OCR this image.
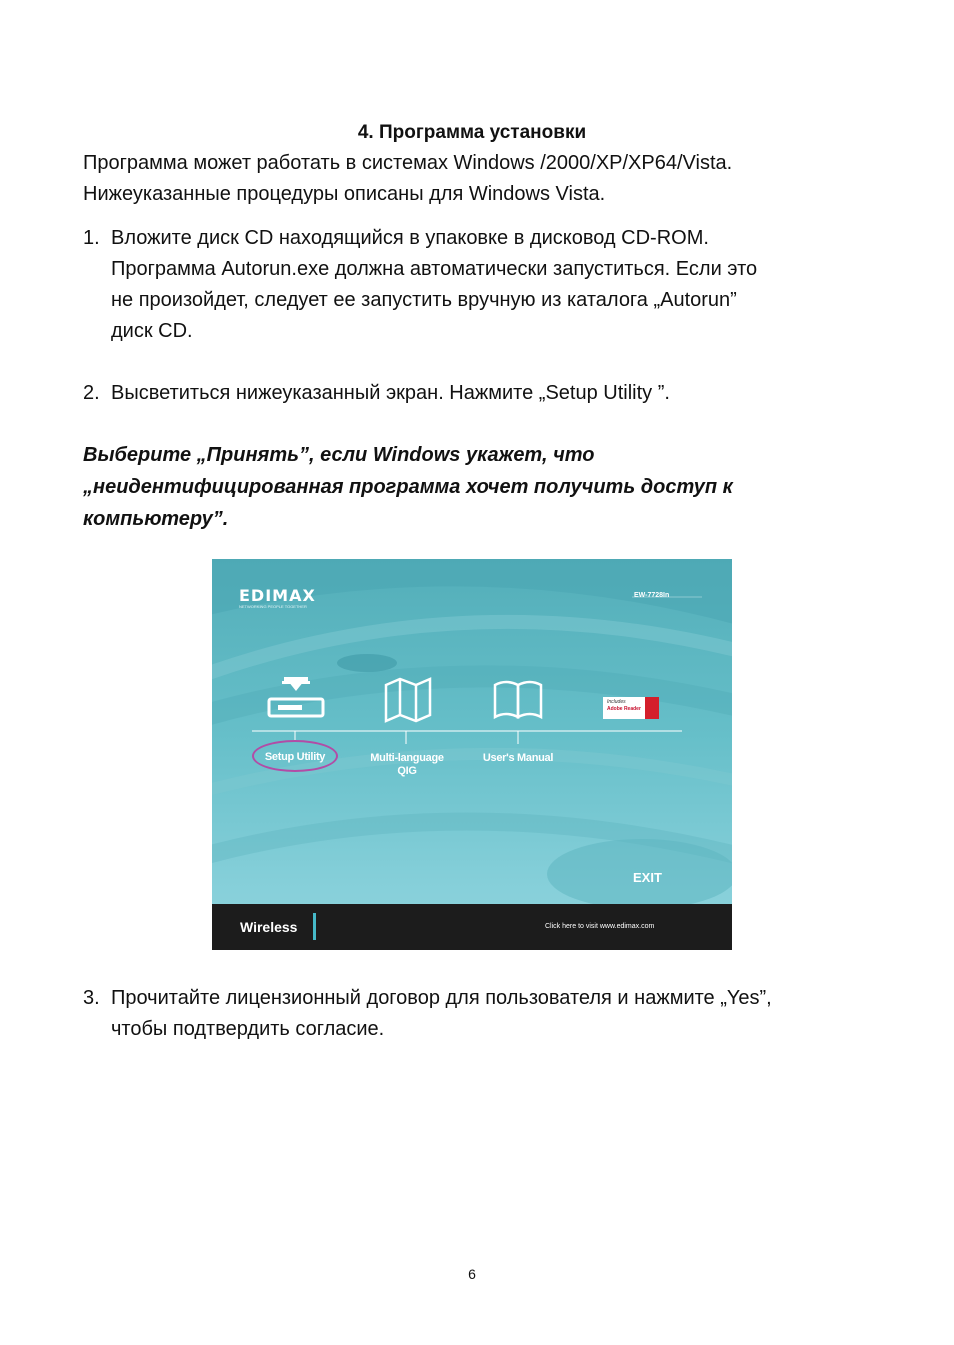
4. Программа установки

Программа может работать в системах Windows /2000/XP/XP64/Vista.

Нижеуказанные процедуры описаны для Windows Vista.

1. Вложите диск CD находящийся в упаковке в дисковод CD-ROM.
Программа Autorun.exe должна автоматически запуститься. Если это
не произойдет, следует ее запустить вручную из каталога „Autorun”
диск CD.
2. Высветиться нижеуказанный экран. Нажмите „Setup Utility ”.
Выберите „Принять”, если Windows укажет, что
„неидентифицированная программа хочет получить доступ к
компьютеру”.
EDIMAX
NETWORKING PEOPLE TOGETHER
EW-7728In
Includes
Adobe Reader
Setup Utility	Multi-language
QIG
User's Manual
EXIT
Wireless	Click here to visit www.edimax.com
3. Прочитайте лицензионный договор для пользователя и нажмите „Yes”,
чтобы подтвердить согласие.
6
